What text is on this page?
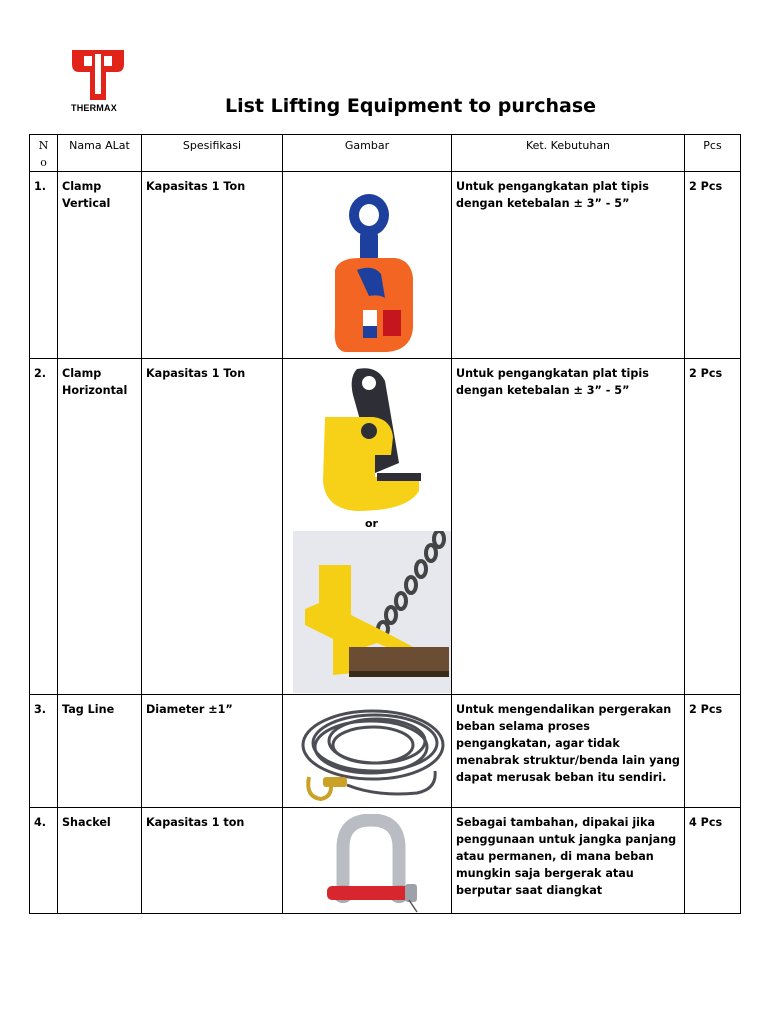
THERMAX	List Lifting Equipment to purchase
N o	Nama ALat	Spesifikasi	Gambar	Ket. Kebutuhan	Pcs
1.	Clamp Vertical	Kapasitas 1 Ton		Untuk pengangkatan plat tipis dengan ketebalan ± 3” - 5”	2 Pcs
2.	Clamp Horizontal	Kapasitas 1 Ton	or	Untuk pengangkatan plat tipis dengan ketebalan ± 3” - 5”	2 Pcs
3.	Tag Line	Diameter ±1”		Untuk mengendalikan pergerakan beban selama proses pengangkatan, agar tidak menabrak struktur/benda lain yang dapat merusak beban itu sendiri.	2 Pcs
4.	Shackel	Kapasitas 1 ton		Sebagai tambahan, dipakai jika penggunaan untuk jangka panjang atau permanen, di mana beban mungkin saja bergerak atau berputar saat diangkat	4 Pcs
